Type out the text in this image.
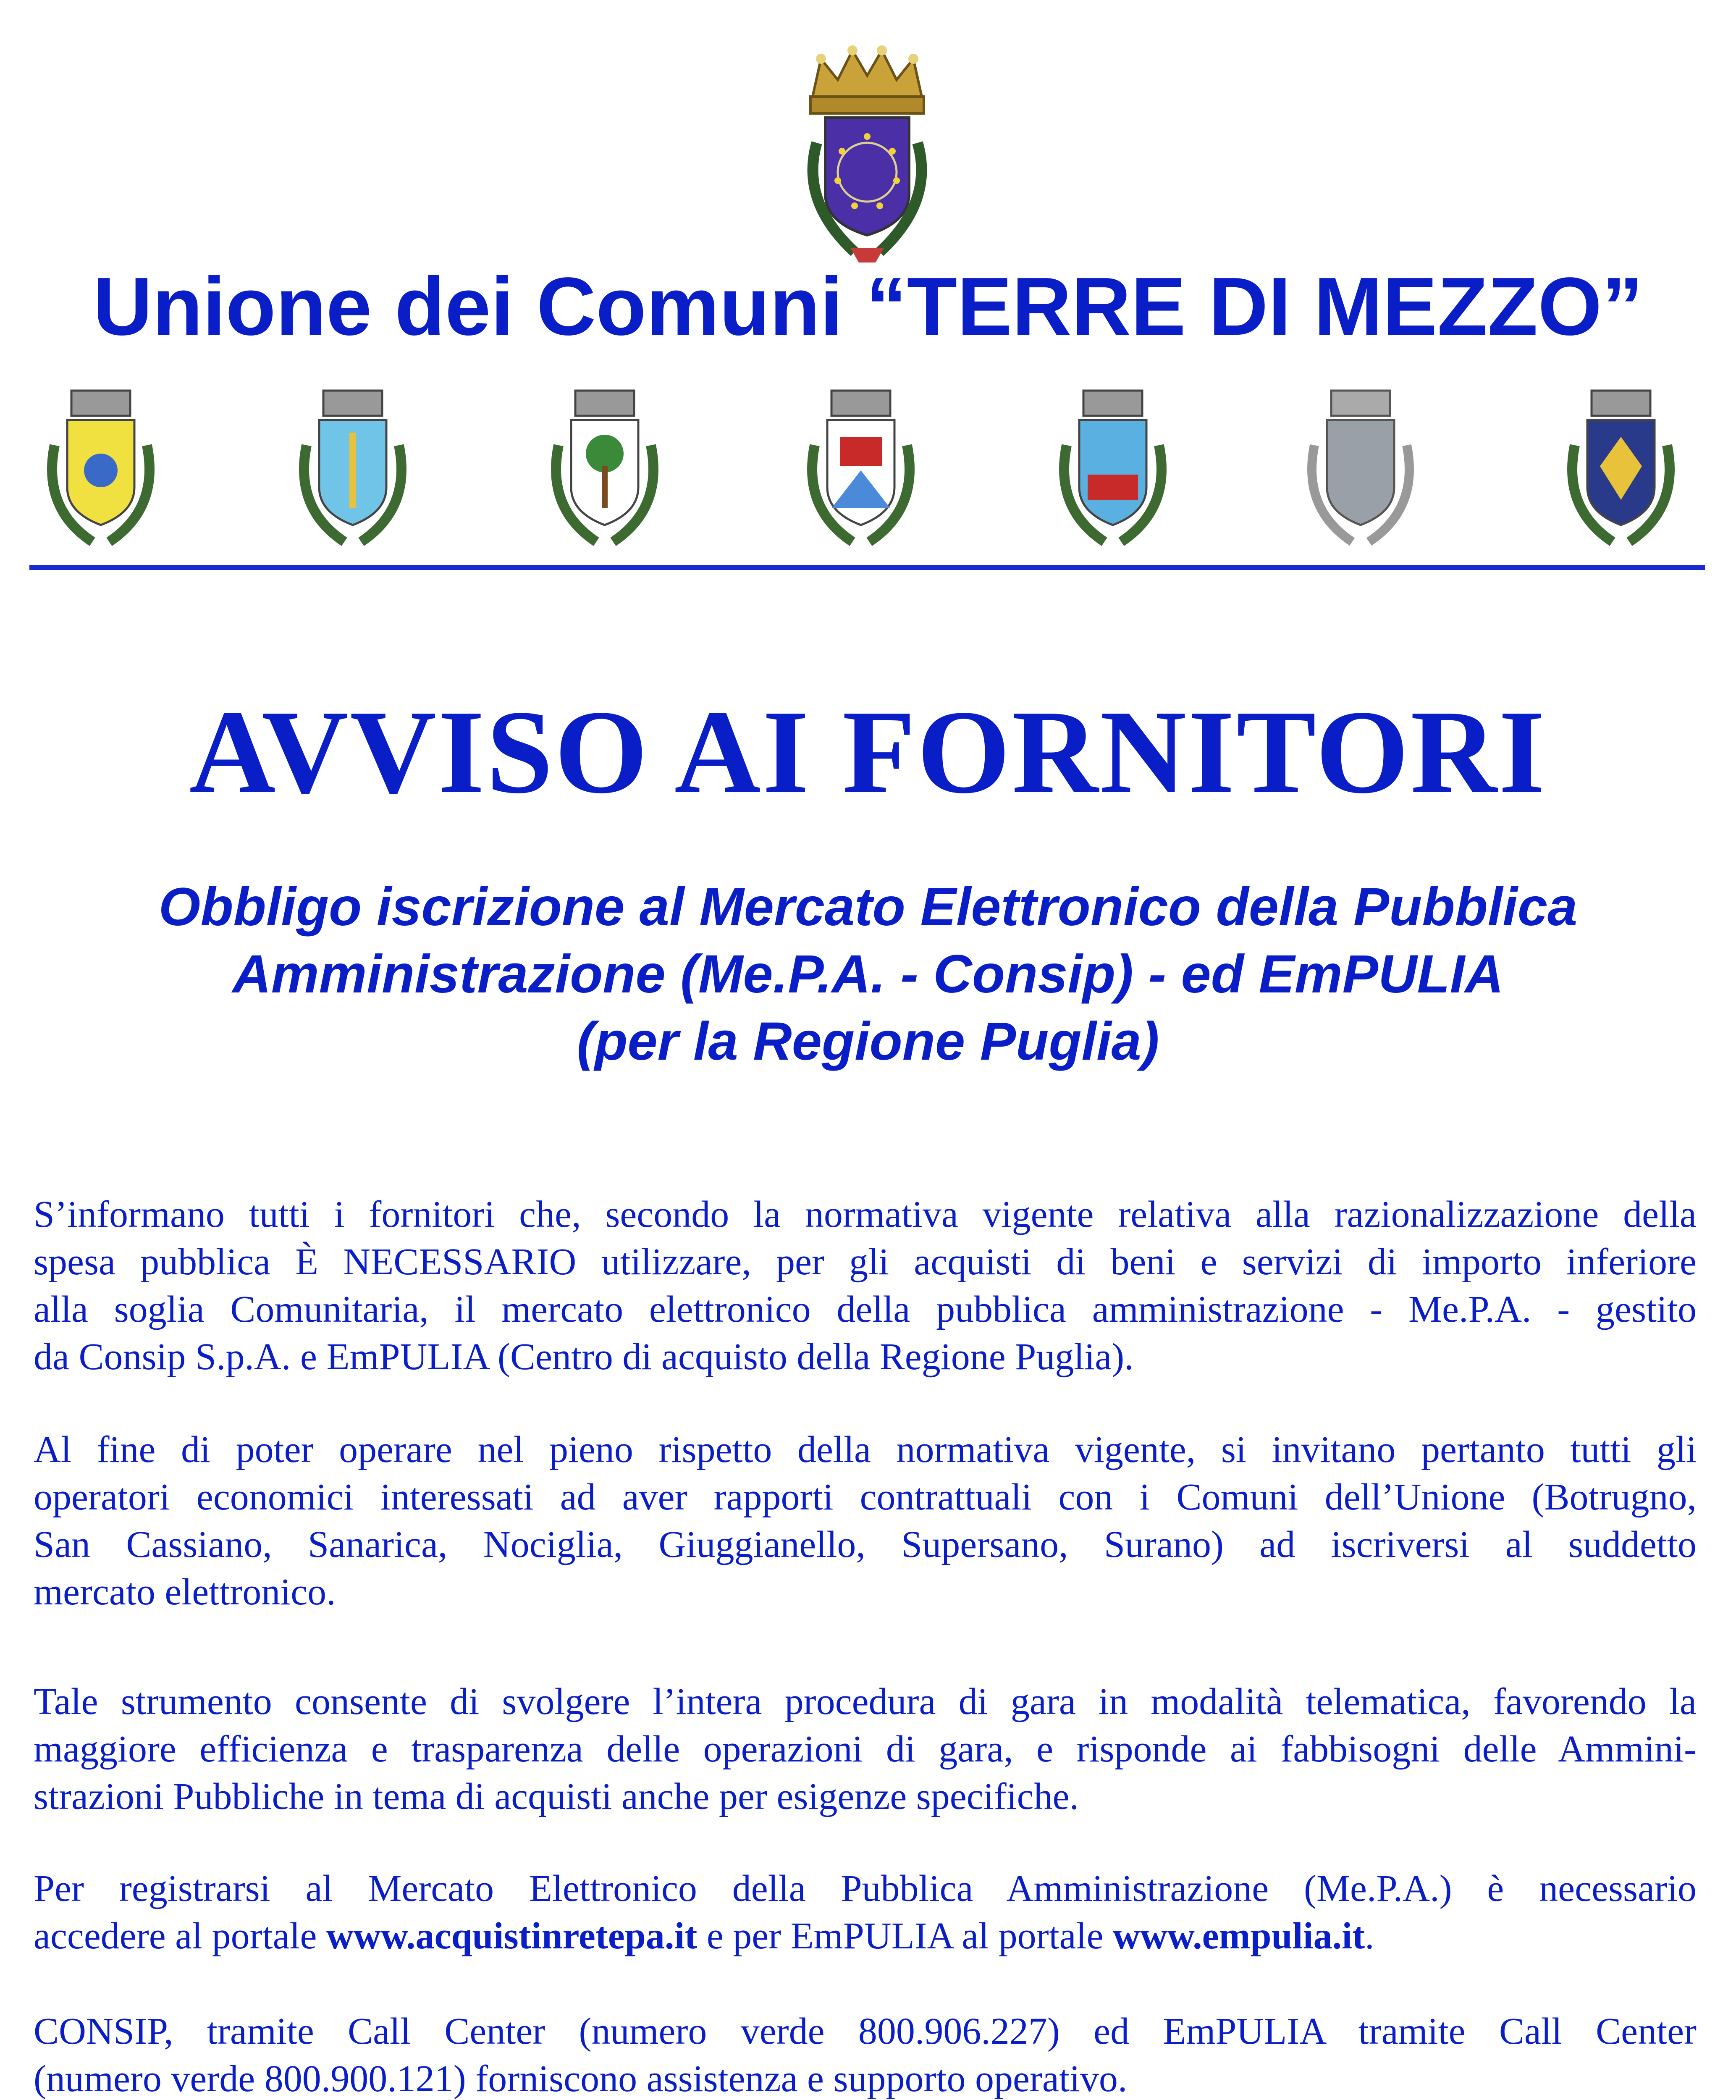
Unione dei Comuni “TERRE DI MEZZO”
AVVISO AI FORNITORI
Obbligo iscrizione al Mercato Elettronico della Pubblica
Amministrazione (Me.P.A. - Consip) - ed EmPULIA
(per la Regione Puglia)
S’informano tutti i fornitori che, secondo la normativa vigente relativa alla razionalizzazione della
spesa pubblica È NECESSARIO utilizzare, per gli acquisti di beni e servizi di importo inferiore
alla soglia Comunitaria, il mercato elettronico della pubblica amministrazione - Me.P.A. - gestito
da Consip S.p.A. e EmPULIA (Centro di acquisto della Regione Puglia).
Al fine di poter operare nel pieno rispetto della normativa vigente, si invitano pertanto tutti gli
operatori economici interessati ad aver rapporti contrattuali con i Comuni dell’Unione (Botrugno,
San Cassiano, Sanarica, Nociglia, Giuggianello, Supersano, Surano) ad iscriversi al suddetto
mercato elettronico.
Tale strumento consente di svolgere l’intera procedura di gara in modalità telematica, favorendo la
maggiore efficienza e trasparenza delle operazioni di gara, e risponde ai fabbisogni delle Ammini-
strazioni Pubbliche in tema di acquisti anche per esigenze specifiche.
Per registrarsi al Mercato Elettronico della Pubblica Amministrazione (Me.P.A.) è necessario
accedere al portale www.acquistinretepa.it e per EmPULIA al portale www.empulia.it.
CONSIP, tramite Call Center (numero verde 800.906.227) ed EmPULIA tramite Call Center
(numero verde 800.900.121) forniscono assistenza e supporto operativo.
